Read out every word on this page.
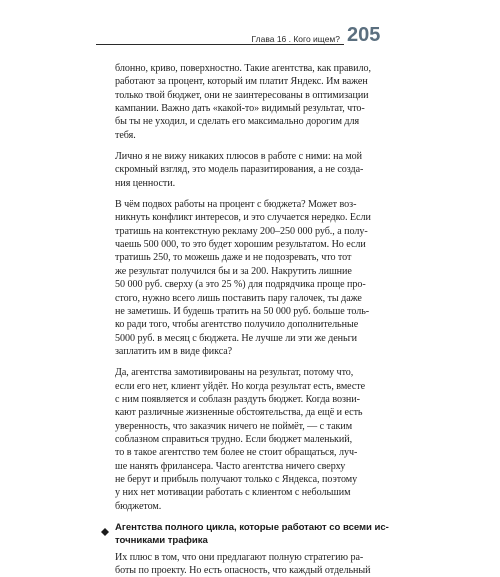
Глава 16 . Кого ищем? 205
блонно, криво, поверхностно. Такие агентства, как правило,
работают за процент, который им платит Яндекс. Им важен
только твой бюджет, они не заинтересованы в оптимизации
кампании. Важно дать «какой-то» видимый результат, что-
бы ты не уходил, и сделать его максимально дорогим для
тебя.
Лично я не вижу никаких плюсов в работе с ними: на мой
скромный взгляд, это модель паразитирования, а не созда-
ния ценности.
В чём подвох работы на процент с бюджета? Может воз-
никнуть конфликт интересов, и это случается нередко. Если
тратишь на контекстную рекламу 200–250 000 руб., а полу-
чаешь 500 000, то это будет хорошим результатом. Но если
тратишь 250, то можешь даже и не подозревать, что тот
же результат получился бы и за 200. Накрутить лишние
50 000 руб. сверху (а это 25 %) для подрядчика проще про-
стого, нужно всего лишь поставить пару галочек, ты даже
не заметишь. И будешь тратить на 50 000 руб. больше толь-
ко ради того, чтобы агентство получило дополнительные
5000 руб. в месяц с бюджета. Не лучше ли эти же деньги
заплатить им в виде фикса?
Да, агентства замотивированы на результат, потому что,
если его нет, клиент уйдёт. Но когда результат есть, вместе
с ним появляется и соблазн раздуть бюджет. Когда возни-
кают различные жизненные обстоятельства, да ещё и есть
уверенность, что заказчик ничего не поймёт, — с таким
соблазном справиться трудно. Если бюджет маленький,
то в такое агентство тем более не стоит обращаться, луч-
ше нанять фрилансера. Часто агентства ничего сверху
не берут и прибыль получают только с Яндекса, поэтому
у них нет мотивации работать с клиентом с небольшим
бюджетом.
Агентства полного цикла, которые работают со всеми ис-
точниками трафика
Их плюс в том, что они предлагают полную стратегию ра-
боты по проекту. Но есть опасность, что каждый отдельный
